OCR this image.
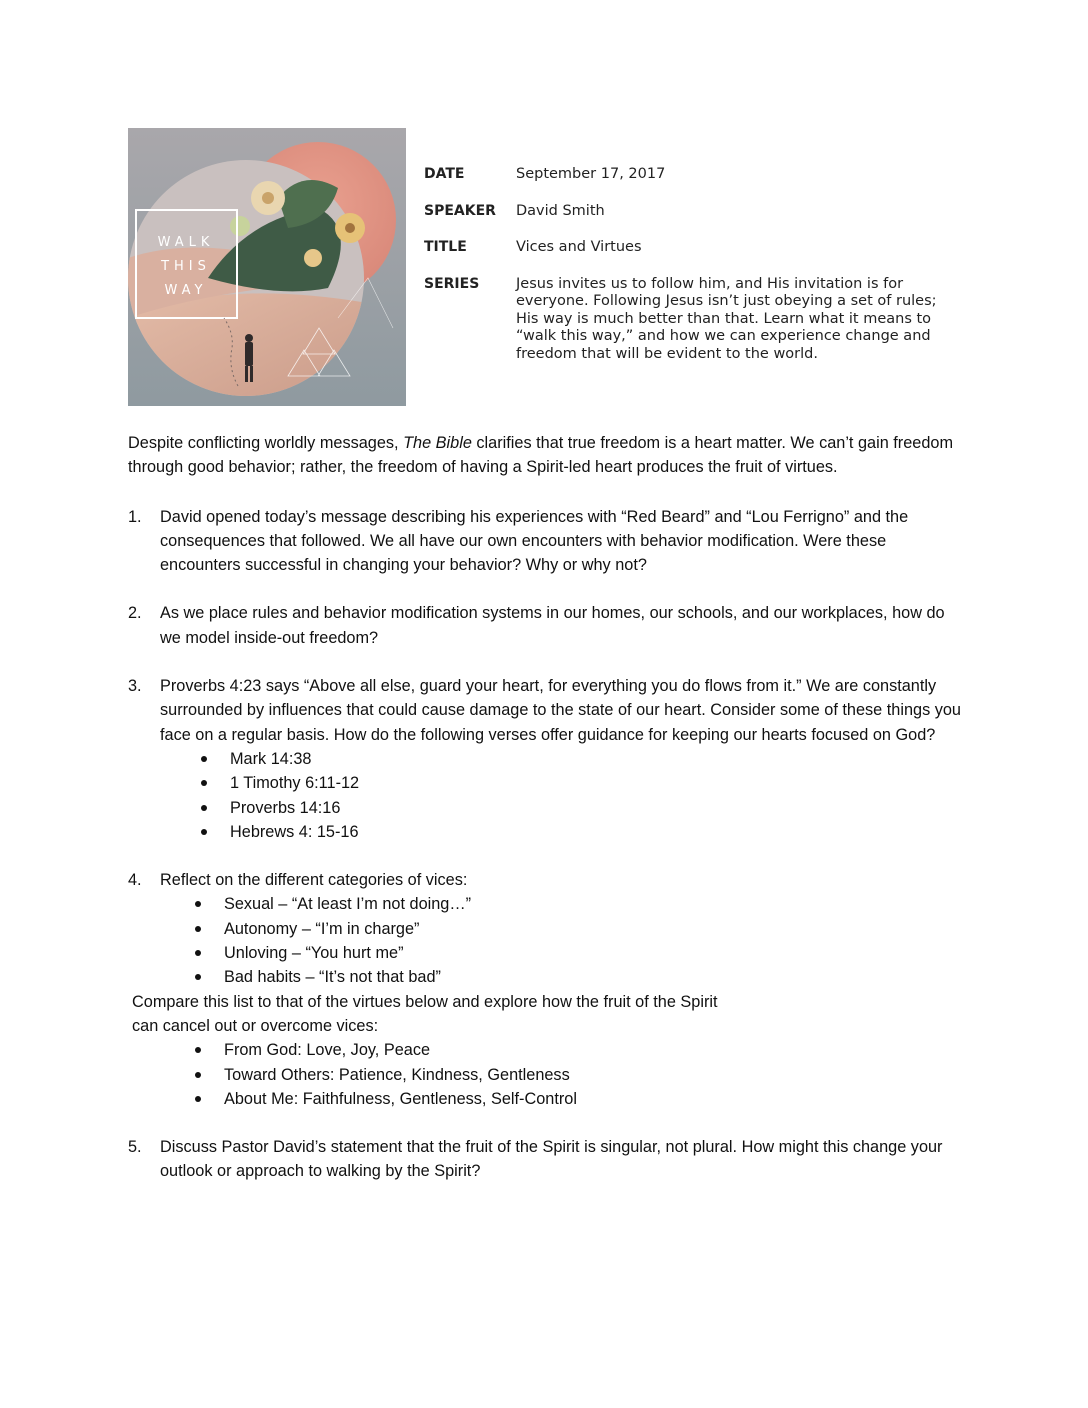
WALK
THIS
WAY
DATE	September 17, 2017
SPEAKER David Smith
TITLE	Vices and Virtues
SERIES	Jesus invites us to follow him, and His invitation is for
everyone. Following Jesus isn’t just obeying a set of rules;
His way is much better than that. Learn what it means to
“walk this way,” and how we can experience change and
freedom that will be evident to the world.

Despite conflicting worldly messages, The Bible clarifies that true freedom is a heart matter. We can’t gain freedom through good behavior; rather, the freedom of having a Spirit-led heart produces the fruit of virtues.

1. David opened today’s message describing his experiences with “Red Beard” and “Lou Ferrigno” and the consequences that followed. We all have our own encounters with behavior modification. Were these encounters successful in changing your behavior? Why or why not?
2. As we place rules and behavior modification systems in our homes, our schools, and our workplaces, how do we model inside-out freedom?
3. Proverbs 4:23 says “Above all else, guard your heart, for everything you do flows from it.” We are constantly surrounded by influences that could cause damage to the state of our heart. Consider some of these things you face on a regular basis. How do the following verses offer guidance for keeping our hearts focused on God?
Mark 14:38
1 Timothy 6:11-12
Proverbs 14:16
Hebrews 4: 15-16
4. Reflect on the different categories of vices:
Sexual – “At least I’m not doing…”
Autonomy – “I’m in charge”
Unloving – “You hurt me”
Bad habits – “It’s not that bad”
Compare this list to that of the virtues below and explore how the fruit of the Spirit
can cancel out or overcome vices:
From God: Love, Joy, Peace
Toward Others: Patience, Kindness, Gentleness
About Me: Faithfulness, Gentleness, Self-Control
5. Discuss Pastor David’s statement that the fruit of the Spirit is singular, not plural. How might this change your outlook or approach to walking by the Spirit?
